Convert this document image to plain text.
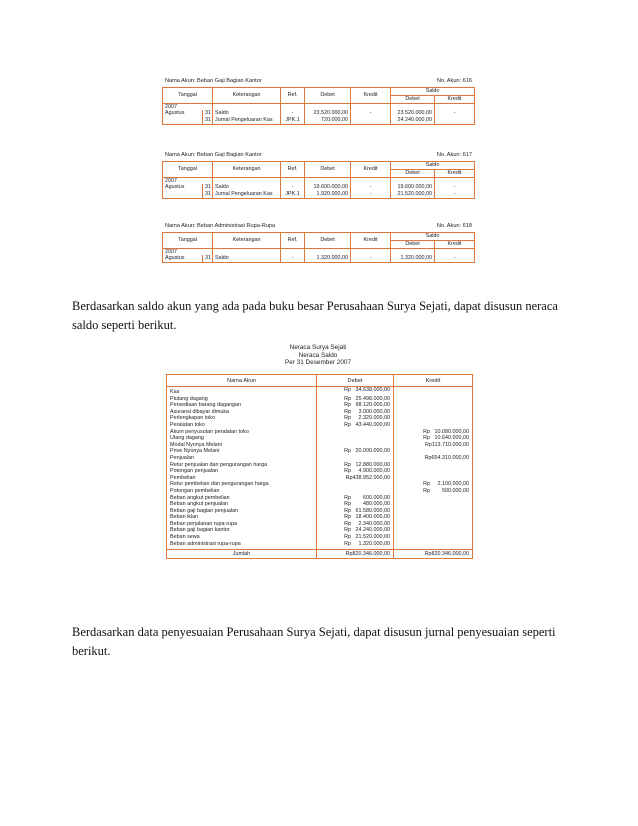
Nama Akun: Beban Gaji Bagian Kantor	No. Akun: 616
Tanggal		Keterangan	Ref.	Debet	Kredit	Saldo	
						Debet	Kredit
2007							
Agustus	31	Saldo	-	23.520.000,00	-	23.520.000,00	-
	31	Jurnal Pengeluaran Kas	JPK.1	720.000,00		24.240.000,00	
Nama Akun: Beban Gaji Bagian Kantor	No. Akun: 617
Tanggal		Keterangan	Ref.	Debet	Kredit	Saldo	
						Debet	Kredit
2007							
Agustus	31	Saldo	-	19.600.000,00	-	19.600.000,00	-
	31	Jurnal Pengeluaran Kas	JPK.1	1.920.000,00	-	21.520.000,00	-
Nama Akun: Beban Administrasi Rupa-Rupa	No. Akun: 618
Tanggal		Keterangan	Ref.	Debet	Kredit	Saldo	
						Debet	Kredit
2007							
Agustus	31	Saldo	-	1.320.000,00	-	1.320.000,00	-
Berdasarkan saldo akun yang ada pada buku besar Perusahaan Surya Sejati, dapat disusun neraca saldo seperti berikut.
Neraca Surya Sejati
Neraca Saldo
Per 31 Desember 2007
Nama Akun	Debet	Kredit
Kas	Rp   34.638.000,00	
Piutang dagang	Rp   25.498.000,00	
Persediaan barang dagangan	Rp   98.120.000,00	
Asuransi dibayar dimuka	Rp     3.000.000,00	
Perlengkapan toko	Rp     2.320.000,00	
Peralatan toko	Rp   43.440.000,00	
Akum penyusutan peralatan toko		Rp   10.080.000,00
Utang dagang		Rp   10.640.000,00
Modal Nyonya Melani		Rp113.710.000,00
Prive Nyonya Melani	Rp   20.000.000,00	
Penjualan		Rp654.310.000,00
Retur penjualan dan pengurangan harga	Rp   12.880.000,00	
Potongan penjualan	Rp     4.900.000,00	
Pembelian	Rp438.952.000,00	
Retur pembelian dan pengurangan harga		Rp     2.100.000,00
Potongan pembelian		Rp        500.000,00
Beban angkut pembelian	Rp        600.000,00	
Beban angkut penjualan	Rp        480.000,00	
Beban gaji bagian penjualan	Rp   61.580.000,00	
Beban iklan	Rp   18.400.000,00	
Beban perjalanan rupa-rupa	Rp     2.340.000,00	
Beban gaji bagian kantor	Rp   24.240.000,00	
Beban sewa	Rp   21.520.000,00	
Beban administrasi rupa-rupa	Rp     1.320.000,00	
Jumlah	Rp820.346.000,00	Rp820.346.000,00
Berdasarkan data penyesuaian Perusahaan Surya Sejati, dapat disusun jurnal penyesuaian seperti berikut.
